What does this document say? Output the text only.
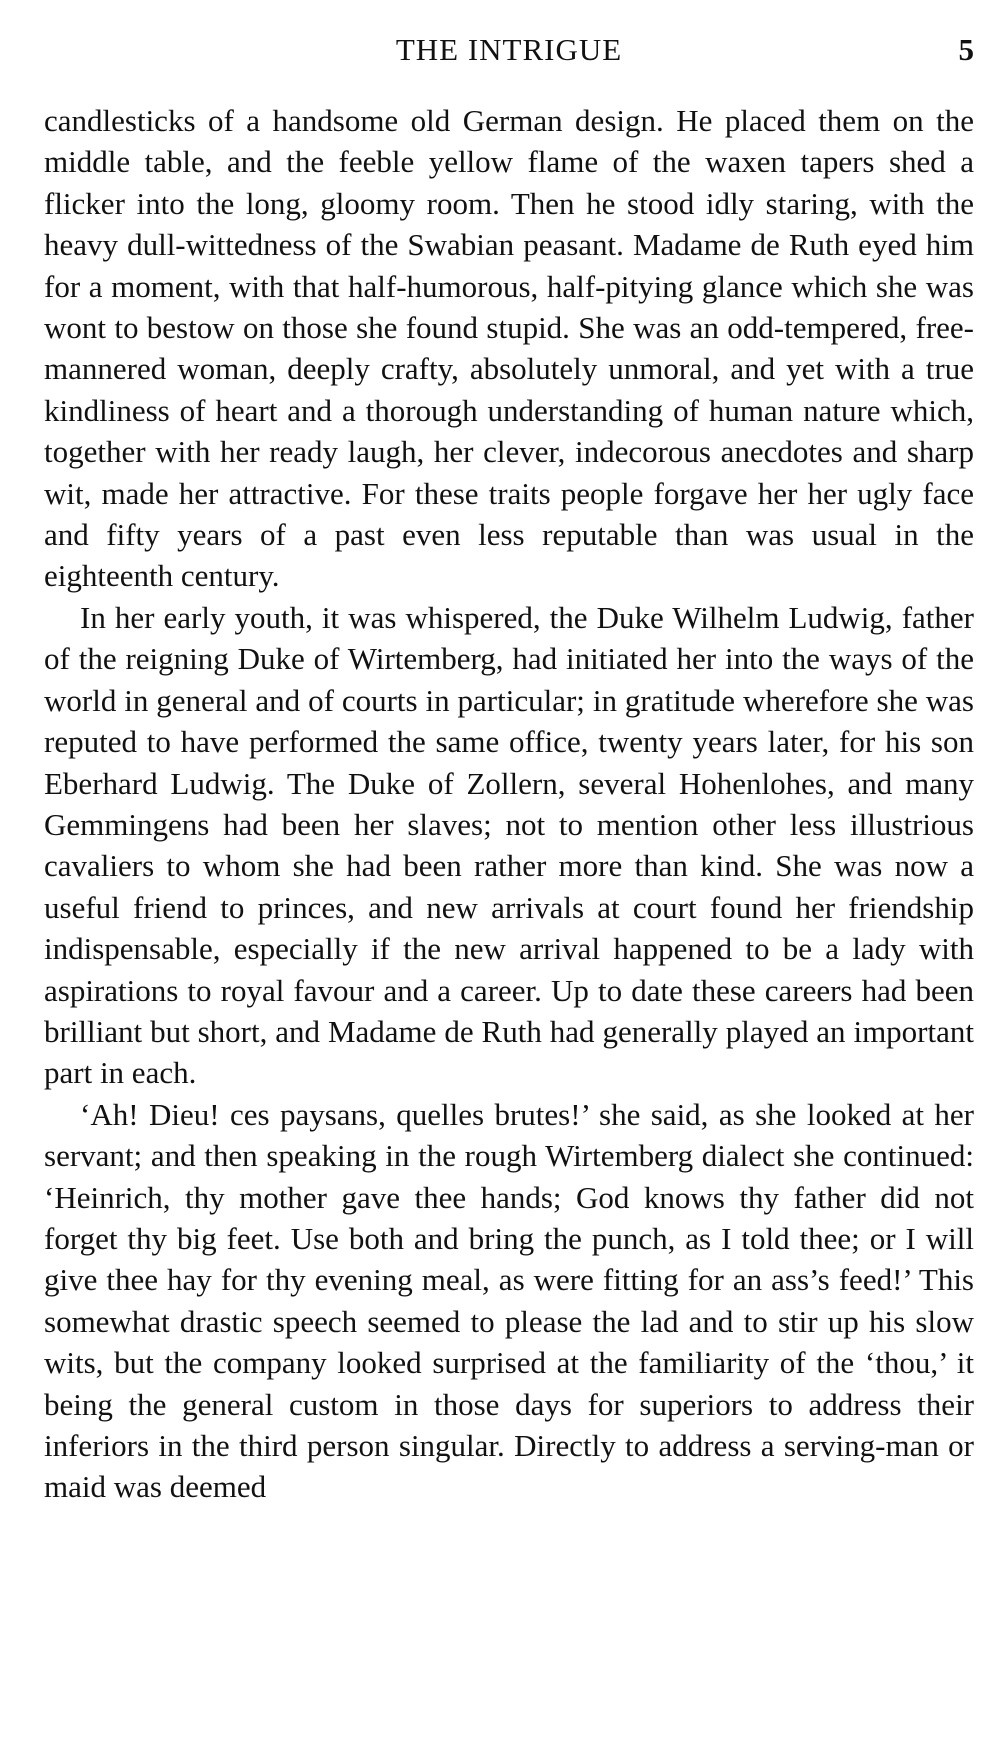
THE INTRIGUE	5

candlesticks of a handsome old German design. He placed them on the middle table, and the feeble yellow flame of the waxen tapers shed a flicker into the long, gloomy room. Then he stood idly staring, with the heavy dull-wittedness of the Swabian peasant. Madame de Ruth eyed him for a moment, with that half-humorous, half-pitying glance which she was wont to bestow on those she found stupid. She was an odd-tempered, free-mannered woman, deeply crafty, absolutely unmoral, and yet with a true kindliness of heart and a thorough understanding of human nature which, together with her ready laugh, her clever, indecorous anecdotes and sharp wit, made her attractive. For these traits people forgave her her ugly face and fifty years of a past even less reputable than was usual in the eighteenth century.

In her early youth, it was whispered, the Duke Wilhelm Ludwig, father of the reigning Duke of Wirtemberg, had initiated her into the ways of the world in general and of courts in particular; in gratitude wherefore she was reputed to have performed the same office, twenty years later, for his son Eberhard Ludwig. The Duke of Zollern, several Hohenlohes, and many Gemmingens had been her slaves; not to mention other less illustrious cavaliers to whom she had been rather more than kind. She was now a useful friend to princes, and new arrivals at court found her friendship indispensable, especially if the new arrival happened to be a lady with aspirations to royal favour and a career. Up to date these careers had been brilliant but short, and Madame de Ruth had generally played an important part in each.

‘Ah! Dieu! ces paysans, quelles brutes!’ she said, as she looked at her servant; and then speaking in the rough Wirtemberg dialect she continued: ‘Heinrich, thy mother gave thee hands; God knows thy father did not forget thy big feet. Use both and bring the punch, as I told thee; or I will give thee hay for thy evening meal, as were fitting for an ass’s feed!’ This somewhat drastic speech seemed to please the lad and to stir up his slow wits, but the company looked surprised at the familiarity of the ‘thou,’ it being the general custom in those days for superiors to address their inferiors in the third person singular. Directly to address a serving-man or maid was deemed
